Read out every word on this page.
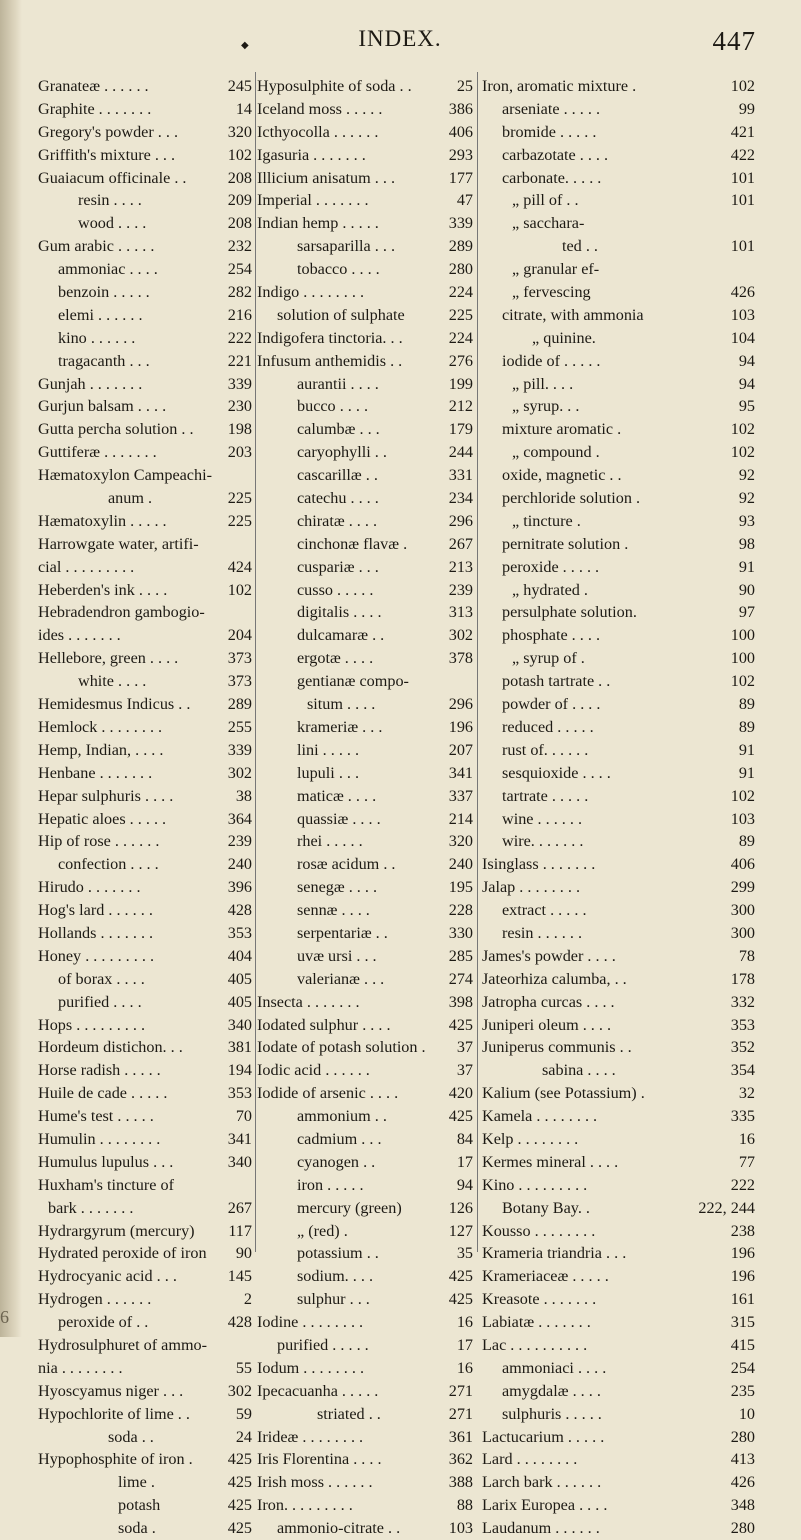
◆	INDEX.	447
Granateæ . . . . . .	245
Graphite . . . . . . .	14
Gregory's powder . . .	320
Griffith's mixture . . .	102
Guaiacum officinale . .	208
resin . . . .	209
wood . . . .	208
Gum arabic . . . . .	232
ammoniac . . . .	254
benzoin . . . . .	282
elemi . . . . . .	216
kino . . . . . .	222
tragacanth . . .	221
Gunjah . . . . . . .	339
Gurjun balsam . . . .	230
Gutta percha solution . .	198
Guttiferæ . . . . . . .	203
Hæmatoxylon Campeachi-
anum .	225
Hæmatoxylin . . . . .	225
Harrowgate water, artifi-
cial . . . . . . . . .	424
Heberden's ink . . . .	102
Hebradendron gambogio-
ides . . . . . . .	204
Hellebore, green . . . .	373
white . . . .	373
Hemidesmus Indicus . .	289
Hemlock . . . . . . . .	255
Hemp, Indian, . . . .	339
Henbane . . . . . . .	302
Hepar sulphuris . . . .	38
Hepatic aloes . . . . .	364
Hip of rose . . . . . .	239
confection . . . .	240
Hirudo . . . . . . .	396
Hog's lard . . . . . .	428
Hollands . . . . . . .	353
Honey . . . . . . . . .	404
of borax . . . .	405
purified . . . .	405
Hops . . . . . . . . .	340
Hordeum distichon. . .	381
Horse radish . . . . .	194
Huile de cade . . . . .	353
Hume's test . . . . .	70
Humulin . . . . . . . .	341
Humulus lupulus . . .	340
Huxham's tincture of
bark . . . . . . .	267
Hydrargyrum (mercury)	117
Hydrated peroxide of iron	90
Hydrocyanic acid . . .	145
Hydrogen . . . . . .	2
peroxide of . .	428
Hydrosulphuret of ammo-
nia . . . . . . . .	55
Hyoscyamus niger . . .	302
Hypochlorite of lime . .	59
soda . .	24
Hypophosphite of iron .	425
lime .	425
potash	425
soda .	425
Hyposulphite of soda . .	25
Iceland moss . . . . .	386
Icthyocolla . . . . . .	406
Igasuria . . . . . . .	293
Illicium anisatum . . .	177
Imperial . . . . . . .	47
Indian hemp . . . . .	339
sarsaparilla . . .	289
tobacco . . . .	280
Indigo . . . . . . . .	224
solution of sulphate	225
Indigofera tinctoria. . .	224
Infusum anthemidis . .	276
aurantii . . . .	199
bucco . . . .	212
calumbæ . . .	179
caryophylli . .	244
cascarillæ . .	331
catechu . . . .	234
chiratæ . . . .	296
cinchonæ flavæ .	267
cuspariæ . . .	213
cusso . . . . .	239
digitalis . . . .	313
dulcamaræ . .	302
ergotæ . . . .	378
gentianæ compo-
situm . . . .	296
krameriæ . . .	196
lini . . . . .	207
lupuli . . .	341
maticæ . . . .	337
quassiæ . . . .	214
rhei . . . . .	320
rosæ acidum . .	240
senegæ . . . .	195
sennæ . . . .	228
serpentariæ . .	330
uvæ ursi . . .	285
valerianæ . . .	274
Insecta . . . . . . .	398
Iodated sulphur . . . .	425
Iodate of potash solution .	37
Iodic acid . . . . . .	37
Iodide of arsenic . . . .	420
ammonium . .	425
cadmium . . .	84
cyanogen . .	17
iron . . . . .	94
mercury (green)	126
„ (red) .	127
potassium . .	35
sodium. . . .	425
sulphur . . .	425
Iodine . . . . . . . .	16
purified . . . . .	17
Iodum . . . . . . . .	16
Ipecacuanha . . . . .	271
striated . .	271
Irideæ . . . . . . . .	361
Iris Florentina . . . .	362
Irish moss . . . . . .	388
Iron. . . . . . . . .	88
ammonio-citrate . .	103
Iron, aromatic mixture .	102
arseniate . . . . .	99
bromide . . . . .	421
carbazotate . . . .	422
carbonate. . . . .	101
„ pill of . .	101
„ sacchara-
ted . .	101
„ granular ef-
„ fervescing	426
citrate, with ammonia	103
„ quinine.	104
iodide of . . . . .	94
„ pill. . . .	94
„ syrup. . .	95
mixture aromatic .	102
„ compound .	102
oxide, magnetic . .	92
perchloride solution .	92
„ tincture .	93
pernitrate solution .	98
peroxide . . . . .	91
„ hydrated .	90
persulphate solution.	97
phosphate . . . .	100
„ syrup of .	100
potash tartrate . .	102
powder of . . . .	89
reduced . . . . .	89
rust of. . . . . .	91
sesquioxide . . . .	91
tartrate . . . . .	102
wine . . . . . .	103
wire. . . . . . .	89
Isinglass . . . . . . .	406
Jalap . . . . . . . .	299
extract . . . . .	300
resin . . . . . .	300
James's powder . . . .	78
Jateorhiza calumba, . .	178
Jatropha curcas . . . .	332
Juniperi oleum . . . .	353
Juniperus communis . .	352
sabina . . . .	354
Kalium (see Potassium) .	32
Kamela . . . . . . . .	335
Kelp . . . . . . . .	16
Kermes mineral . . . .	77
Kino . . . . . . . . .	222
Botany Bay. .	222, 244
Kousso . . . . . . . .	238
Krameria triandria . . .	196
Krameriaceæ . . . . .	196
Kreasote . . . . . . .	161
Labiatæ . . . . . . .	315
Lac . . . . . . . . . .	415
ammoniaci . . . .	254
amygdalæ . . . .	235
sulphuris . . . . .	10
Lactucarium . . . . .	280
Lard . . . . . . . .	413
Larch bark . . . . . .	426
Larix Europea . . . .	348
Laudanum . . . . . .	280
6
